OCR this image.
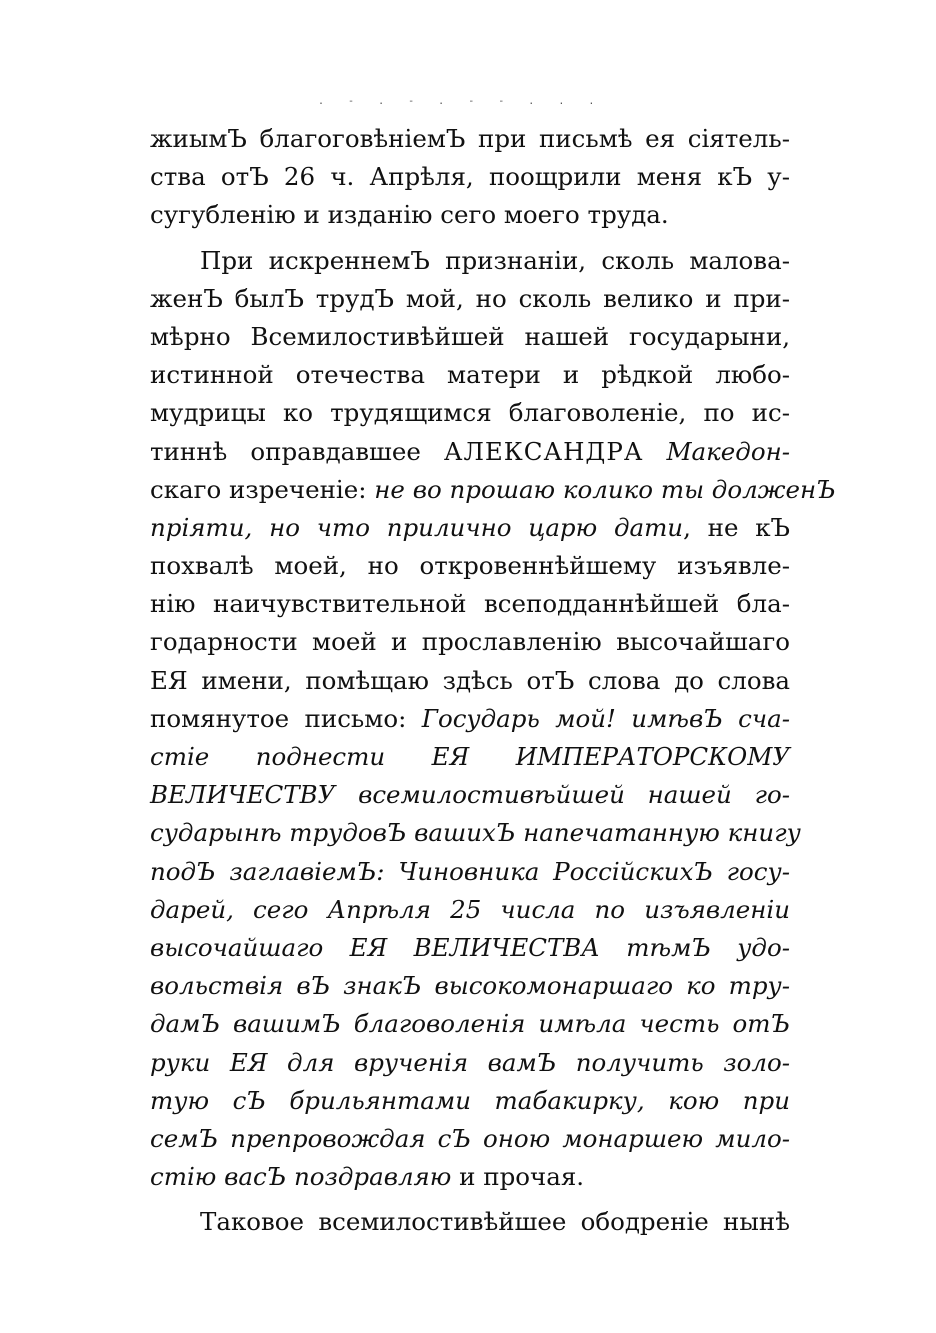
. - . - . - - . . .
жиымЪ благоговѣніемЪ при письмѣ ея сіятель-
ства отЪ 26 ч. Апрѣля, поощрили меня кЪ у-
сугубленію и изданію сего моего труда.
При искреннемЪ признаніи, сколь малова-
женЪ былЪ трудЪ мой, но сколь велико и при-
мѣрно Всемилостивѣйшей нашей государыни,
истинной отечества матери и рѣдкой любо-
мудрицы ко трудящимся благоволеніе, по ис-
тиннѣ оправдавшее АЛЕКСАНДРА Македон-
скаго изреченіе: не во прошаю колико ты долженЪ
пріяти, но что прилично царю дати, не кЪ
похвалѣ моей, но откровеннѣйшему изъявле-
нію наичувствительной всеподданнѣйшей бла-
годарности моей и прославленію высочайшаго
ЕЯ имени, помѣщаю здѣсь отЪ слова до слова
помянутое письмо: Государь мой! имѣвЪ сча-
стіе поднести ЕЯ ИМПЕРАТОРСКОМУ
ВЕЛИЧЕСТВУ всемилостивѣйшей нашей го-
сударынѣ трудовЪ вашихЪ напечатанную книгу
подЪ заглавіемЪ: Чиновника РоссійскихЪ госу-
дарей, сего Апрѣля 25 числа по изъявленіи
высочайшаго ЕЯ ВЕЛИЧЕСТВА тѣмЪ удо-
вольствія вЪ знакЪ высокомонаршаго ко тру-
дамЪ вашимЪ благоволенія имѣла честь отЪ
руки ЕЯ для врученія вамЪ получить золо-
тую сЪ брильянтами табакирку, кою при
семЪ препровождая сЪ оною монаршею мило-
стію васЪ поздравляю и прочая.
Таковое всемилостивѣйшее ободреніе нынѣ
